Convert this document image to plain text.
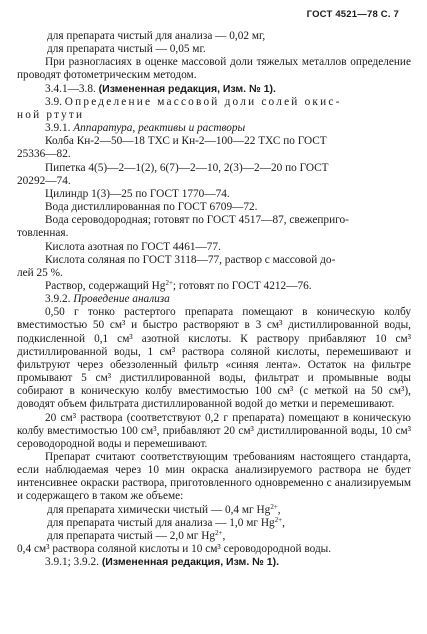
ГОСТ 4521—78 С. 7

для препарата чистый для анализа — 0,02 мг,

для препарата чистый — 0,05 мг.

При разногласиях в оценке массовой доли тяжелых металлов определение проводят фотометрическим методом.

3.4.1—3.8. (Измененная редакция, Изм. № 1).

3.9. Определение массовой доли солей окис-

ной ртути

3.9.1. Аппаратура, реактивы и растворы

Колба Кн-2—50—18 ТХС и Кн-2—100—22 ТХС по ГОСТ

25336—82.

Пипетка 4(5)—2—1(2), 6(7)—2—10, 2(3)—2—20 по ГОСТ

20292—74.

Цилиндр 1(3)—25 по ГОСТ 1770—74.

Вода дистиллированная по ГОСТ 6709—72.

Вода сероводородная; готовят по ГОСТ 4517—87, свежеприго-

товленная.

Кислота азотная по ГОСТ 4461—77.

Кислота соляная по ГОСТ 3118—77, раствор с массовой до-

лей 25 %.

Раствор, содержащий $Hg^{2+}$; готовят по ГОСТ 4212—76.

3.9.2. Проведение анализа

0,50 г тонко растертого препарата помещают в коническую колбу вместимостью 50 см³ и быстро растворяют в 3 см³ дистиллированной воды, подкисленной 0,1 см³ азотной кислоты. К раствору прибавляют 10 см³ дистиллированной воды, 1 см³ раствора соляной кислоты, перемешивают и фильтруют через обеззоленный фильтр «синяя лента». Остаток на фильтре промывают 5 см³ дистиллированной воды, фильтрат и промывные воды собирают в коническую колбу вместимостью 100 см³ (с меткой на 50 см³), доводят объем фильтрата дистиллированной водой до метки и перемешивают.

20 см³ раствора (соответствуют 0,2 г препарата) помещают в коническую колбу вместимостью 100 см³, прибавляют 20 см³ дистиллированной воды, 10 см³ сероводородной воды и перемешивают.

Препарат считают соответствующим требованиям настоящего стандарта, если наблюдаемая через 10 мин окраска анализируемого раствора не будет интенсивнее окраски раствора, приготовленного одновременно с анализируемым и содержащего в таком же объеме:

для препарата химически чистый — 0,4 мг $Hg^{2+}$,

для препарата чистый для анализа — 1,0 мг $Hg^{2+}$,

для препарата чистый — 2,0 мг $Hg^{2+}$,

0,4 см³ раствора соляной кислоты и 10 см³ сероводородной воды.

3.9.1; 3.9.2. (Измененная редакция, Изм. № 1).
